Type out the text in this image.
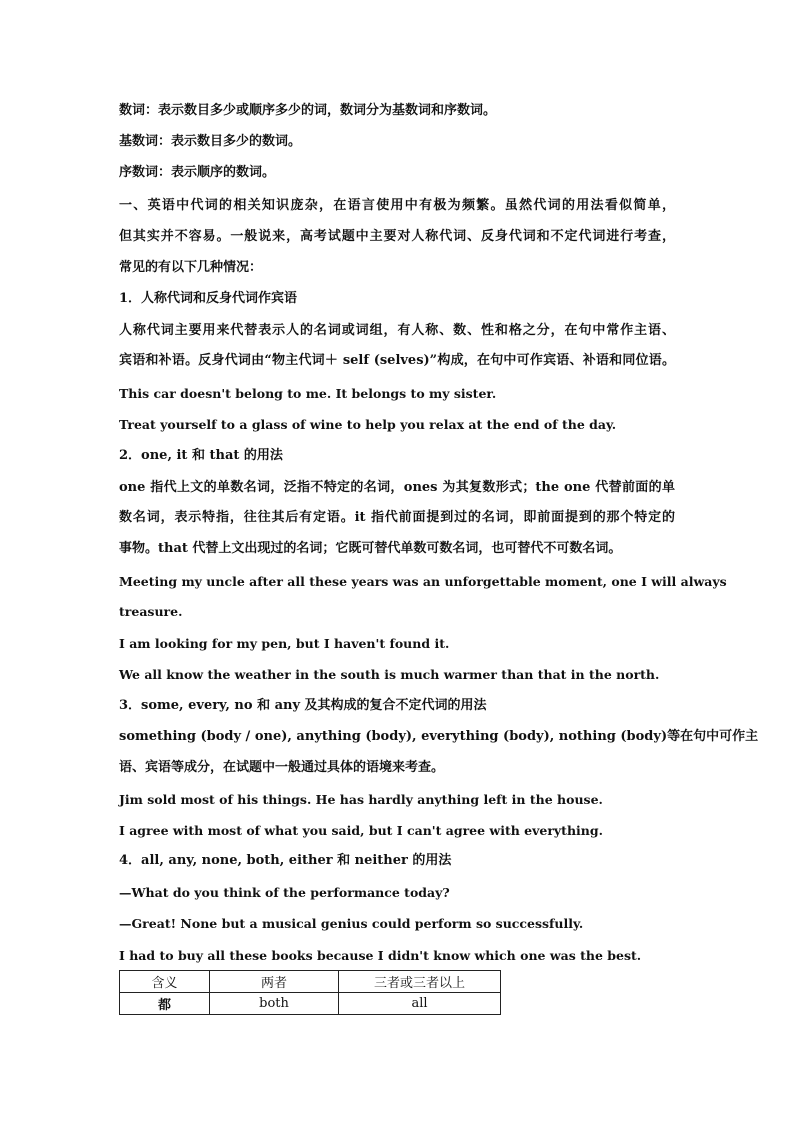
数词：表示数目多少或顺序多少的词，数词分为基数词和序数词。
基数词：表示数目多少的数词。
序数词：表示顺序的数词。
一、英语中代词的相关知识庞杂，在语言使用中有极为频繁。虽然代词的用法看似简单，
但其实并不容易。一般说来，高考试题中主要对人称代词、反身代词和不定代词进行考查，
常见的有以下几种情况：
1．人称代词和反身代词作宾语
人称代词主要用来代替表示人的名词或词组，有人称、数、性和格之分，在句中常作主语、
宾语和补语。反身代词由“物主代词＋ self (selves)”构成，在句中可作宾语、补语和同位语。
This car doesn't belong to me. It belongs to my sister.
Treat yourself to a glass of wine to help you relax at the end of the day.
2．one, it 和 that 的用法
one 指代上文的单数名词，泛指不特定的名词，ones 为其复数形式；the one 代替前面的单
数名词，表示特指，往往其后有定语。it 指代前面提到过的名词，即前面提到的那个特定的
事物。that 代替上文出现过的名词；它既可替代单数可数名词，也可替代不可数名词。
Meeting my uncle after all these years was an unforgettable moment, one I will always
treasure.
I am looking for my pen, but I haven't found it.
We all know the weather in the south is much warmer than that in the north.
3．some, every, no 和 any 及其构成的复合不定代词的用法
something (body / one), anything (body), everything (body), nothing (body)等在句中可作主
语、宾语等成分，在试题中一般通过具体的语境来考查。
Jim sold most of his things. He has hardly anything left in the house.
I agree with most of what you said, but I can't agree with everything.
4．all, any, none, both, either 和 neither 的用法
—What do you think of the performance today?
—Great! None but a musical genius could perform so successfully.
I had to buy all these books because I didn't know which one was the best.
含义	两者	三者或三者以上
都	both	all
